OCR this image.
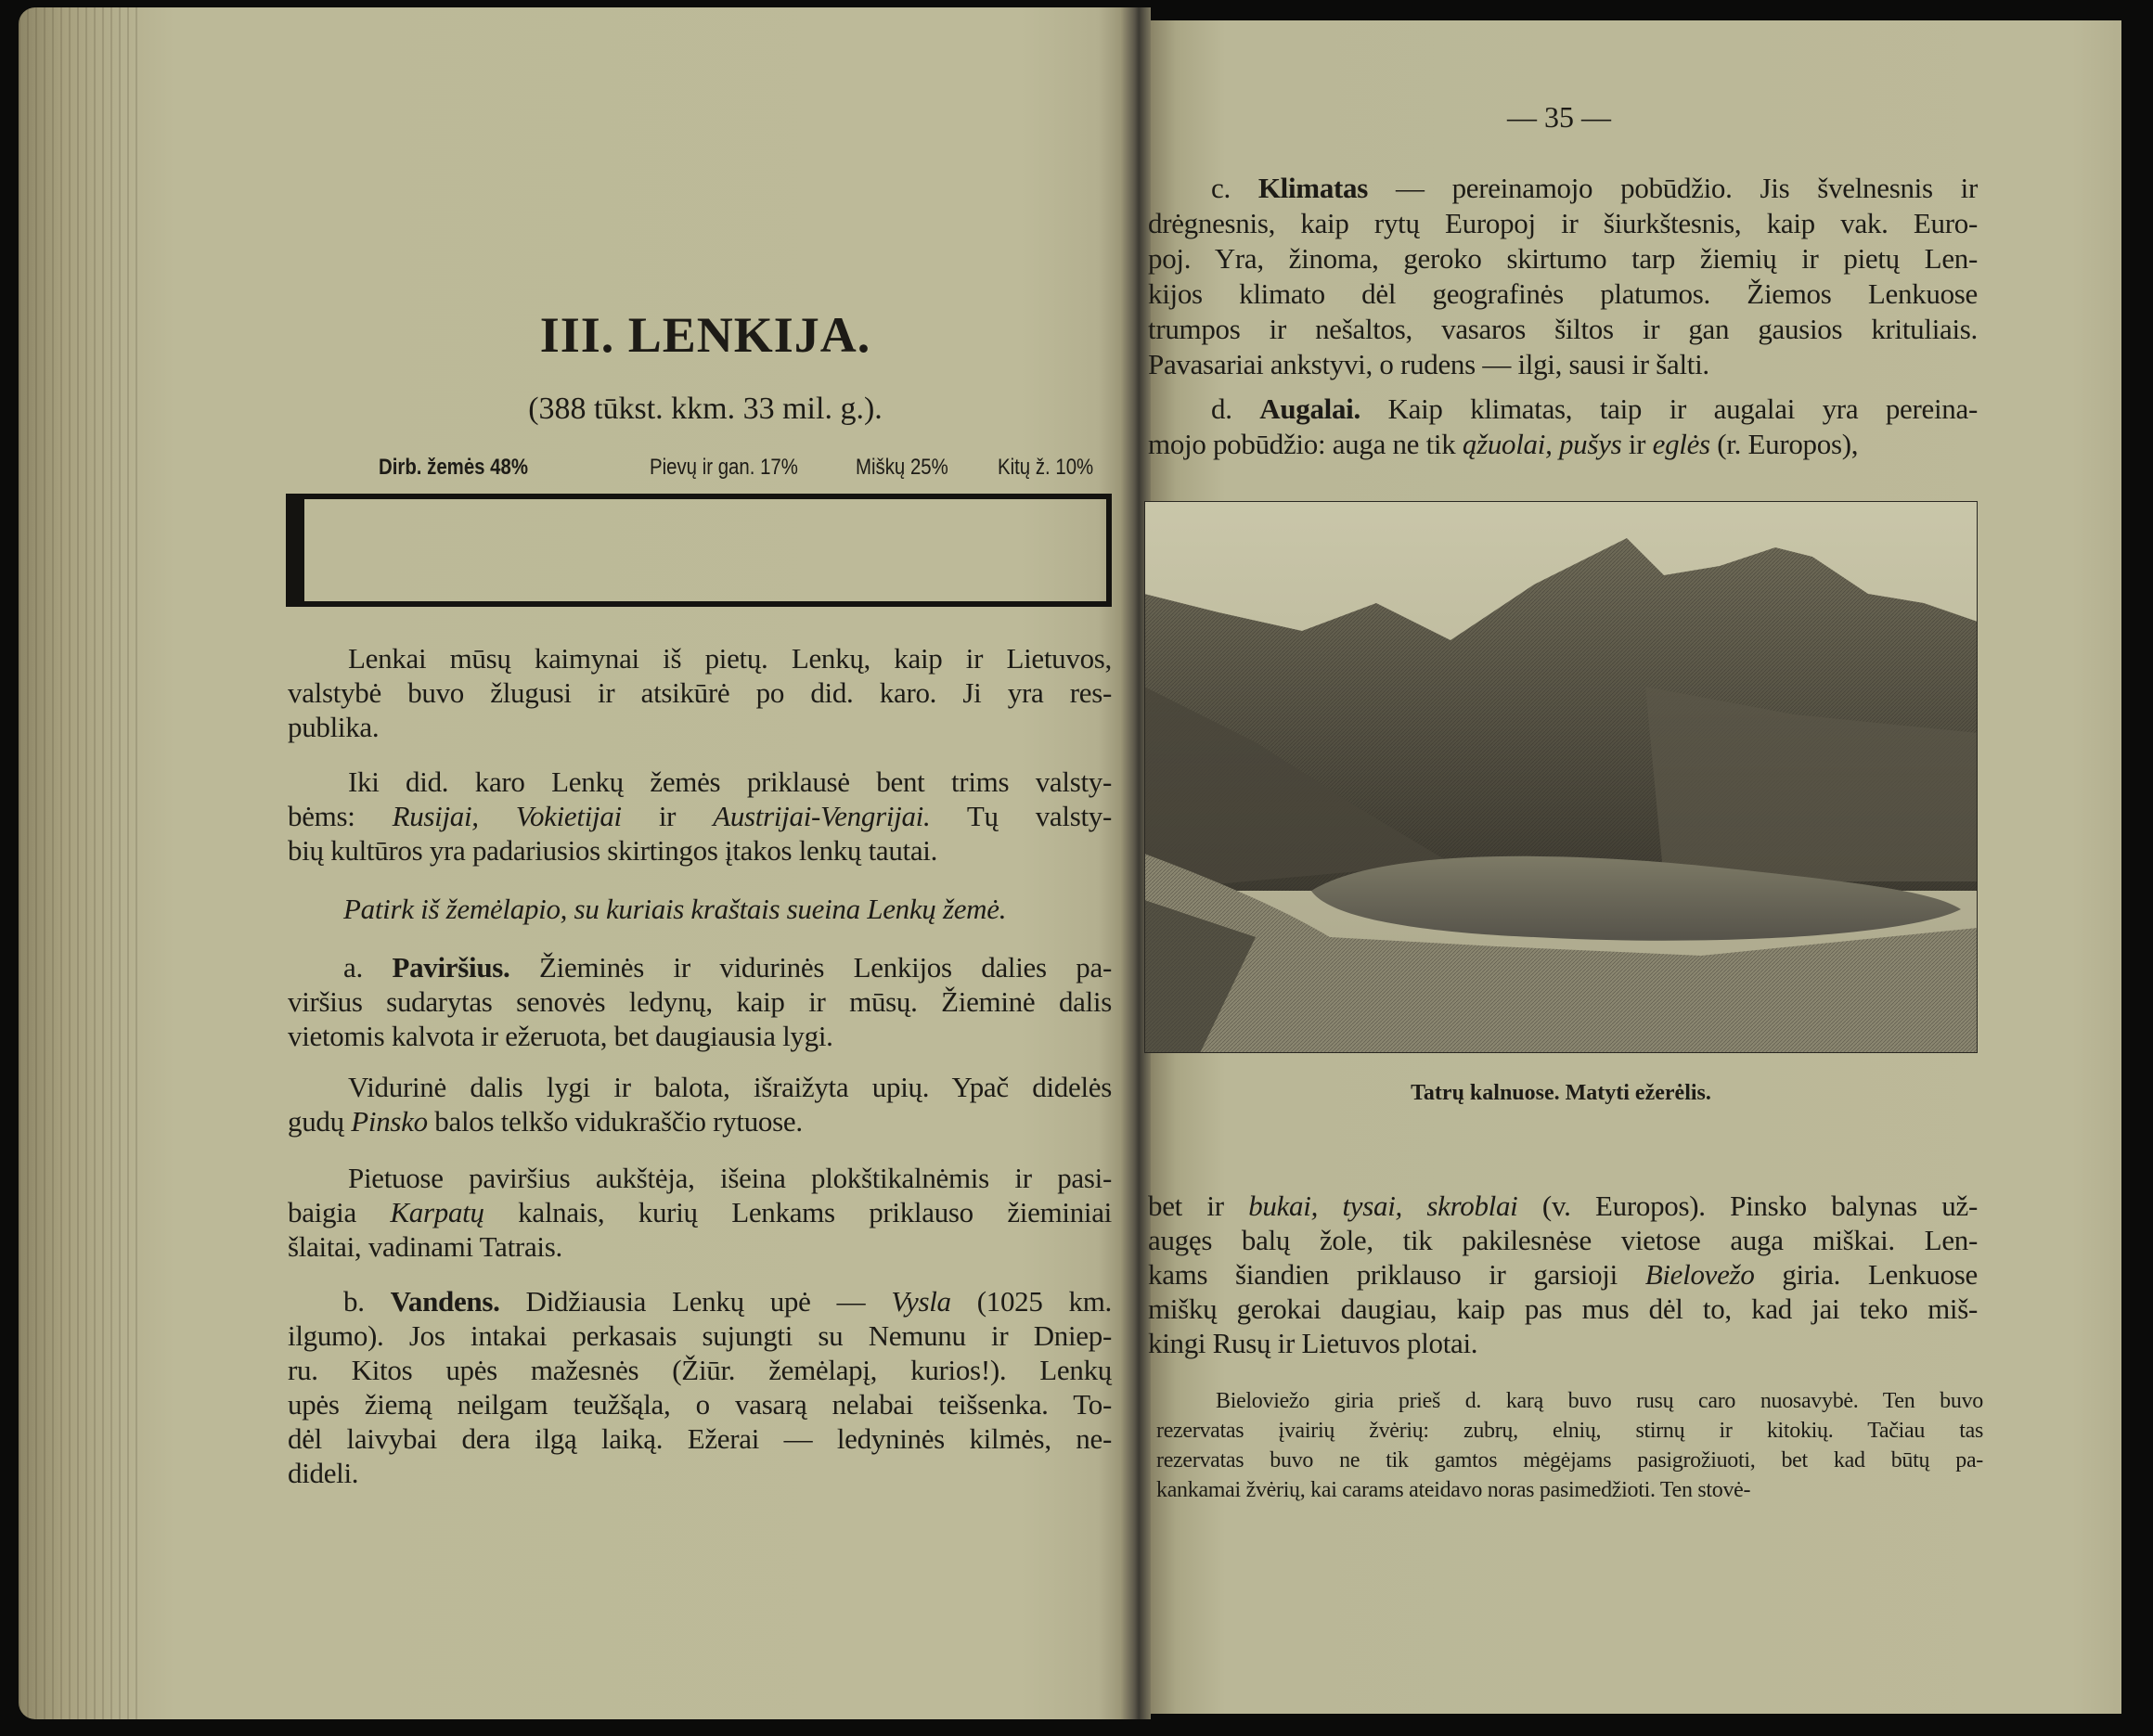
III. LENKIJA.
(388 tūkst. kkm. 33 mil. g.).
Dirb. žemės 48%	Pievų ir gan. 17%	Miškų 25% Kitų ž. 10%

Lenkai mūsų kaimynai iš pietų. Lenkų, kaip ir Lietuvos,
valstybė buvo žlugusi ir atsikūrė po did. karo. Ji yra res-
publika.
Iki did. karo Lenkų žemės priklausė bent trims valsty-
bėms: Rusijai, Vokietijai ir Austrijai-Vengrijai. Tų valsty-
bių kultūros yra padariusios skirtingos įtakos lenkų tautai.
Patirk iš žemėlapio, su kuriais kraštais sueina Lenkų žemė.
a. Paviršius. Žieminės ir vidurinės Lenkijos dalies pa-
viršius sudarytas senovės ledynų, kaip ir mūsų. Žieminė dalis
vietomis kalvota ir ežeruota, bet daugiausia lygi.
Vidurinė dalis lygi ir balota, išraižyta upių. Ypač didelės
gudų Pinsko balos telkšo vidukraščio rytuose.
Pietuose paviršius aukštėja, išeina plokštikalnėmis ir pasi-
baigia Karpatų kalnais, kurių Lenkams priklauso žieminiai
šlaitai, vadinami Tatrais.
b. Vandens. Didžiausia Lenkų upė — Vysla (1025 km.
ilgumo). Jos intakai perkasais sujungti su Nemunu ir Dniep-
ru. Kitos upės mažesnės (Žiūr. žemėlapį, kurios!). Lenkų
upės žiemą neilgam teužšąla, o vasarą nelabai teišsenka. To-
dėl laivybai dera ilgą laiką. Ežerai — ledyninės kilmės, ne-
dideli.
c. Klimatas — pereinamojo pobūdžio. Jis švelnesnis ir
drėgnesnis, kaip rytų Europoj ir šiurkštesnis, kaip vak. Euro-
poj. Yra, žinoma, geroko skirtumo tarp žiemių ir pietų Len-
kijos klimato dėl geografinės platumos. Žiemos Lenkuose
trumpos ir nešaltos, vasaros šiltos ir gan gausios krituliais.
Pavasariai ankstyvi, o rudens — ilgi, sausi ir šalti.
d. Augalai. Kaip klimatas, taip ir augalai yra pereina-
mojo pobūdžio: auga ne tik ąžuolai, pušys ir eglės (r. Europos),
bet ir bukai, tysai, skroblai (v. Europos). Pinsko balynas už-
augęs balų žole, tik pakilesnėse vietose auga miškai. Len-
kams šiandien priklauso ir garsioji Bielovežo giria. Lenkuose
miškų gerokai daugiau, kaip pas mus dėl to, kad jai teko miš-
kingi Rusų ir Lietuvos plotai.
Bieloviežo giria prieš d. karą buvo rusų caro nuosavybė. Ten buvo
rezervatas įvairių žvėrių: zubrų, elnių, stirnų ir kitokių. Tačiau tas
rezervatas buvo ne tik gamtos mėgėjams pasigrožiuoti, bet kad būtų pa-
kankamai žvėrių, kai carams ateidavo noras pasimedžioti. Ten stovė-
— 35 —
Tatrų kalnuose. Matyti ežerėlis.
